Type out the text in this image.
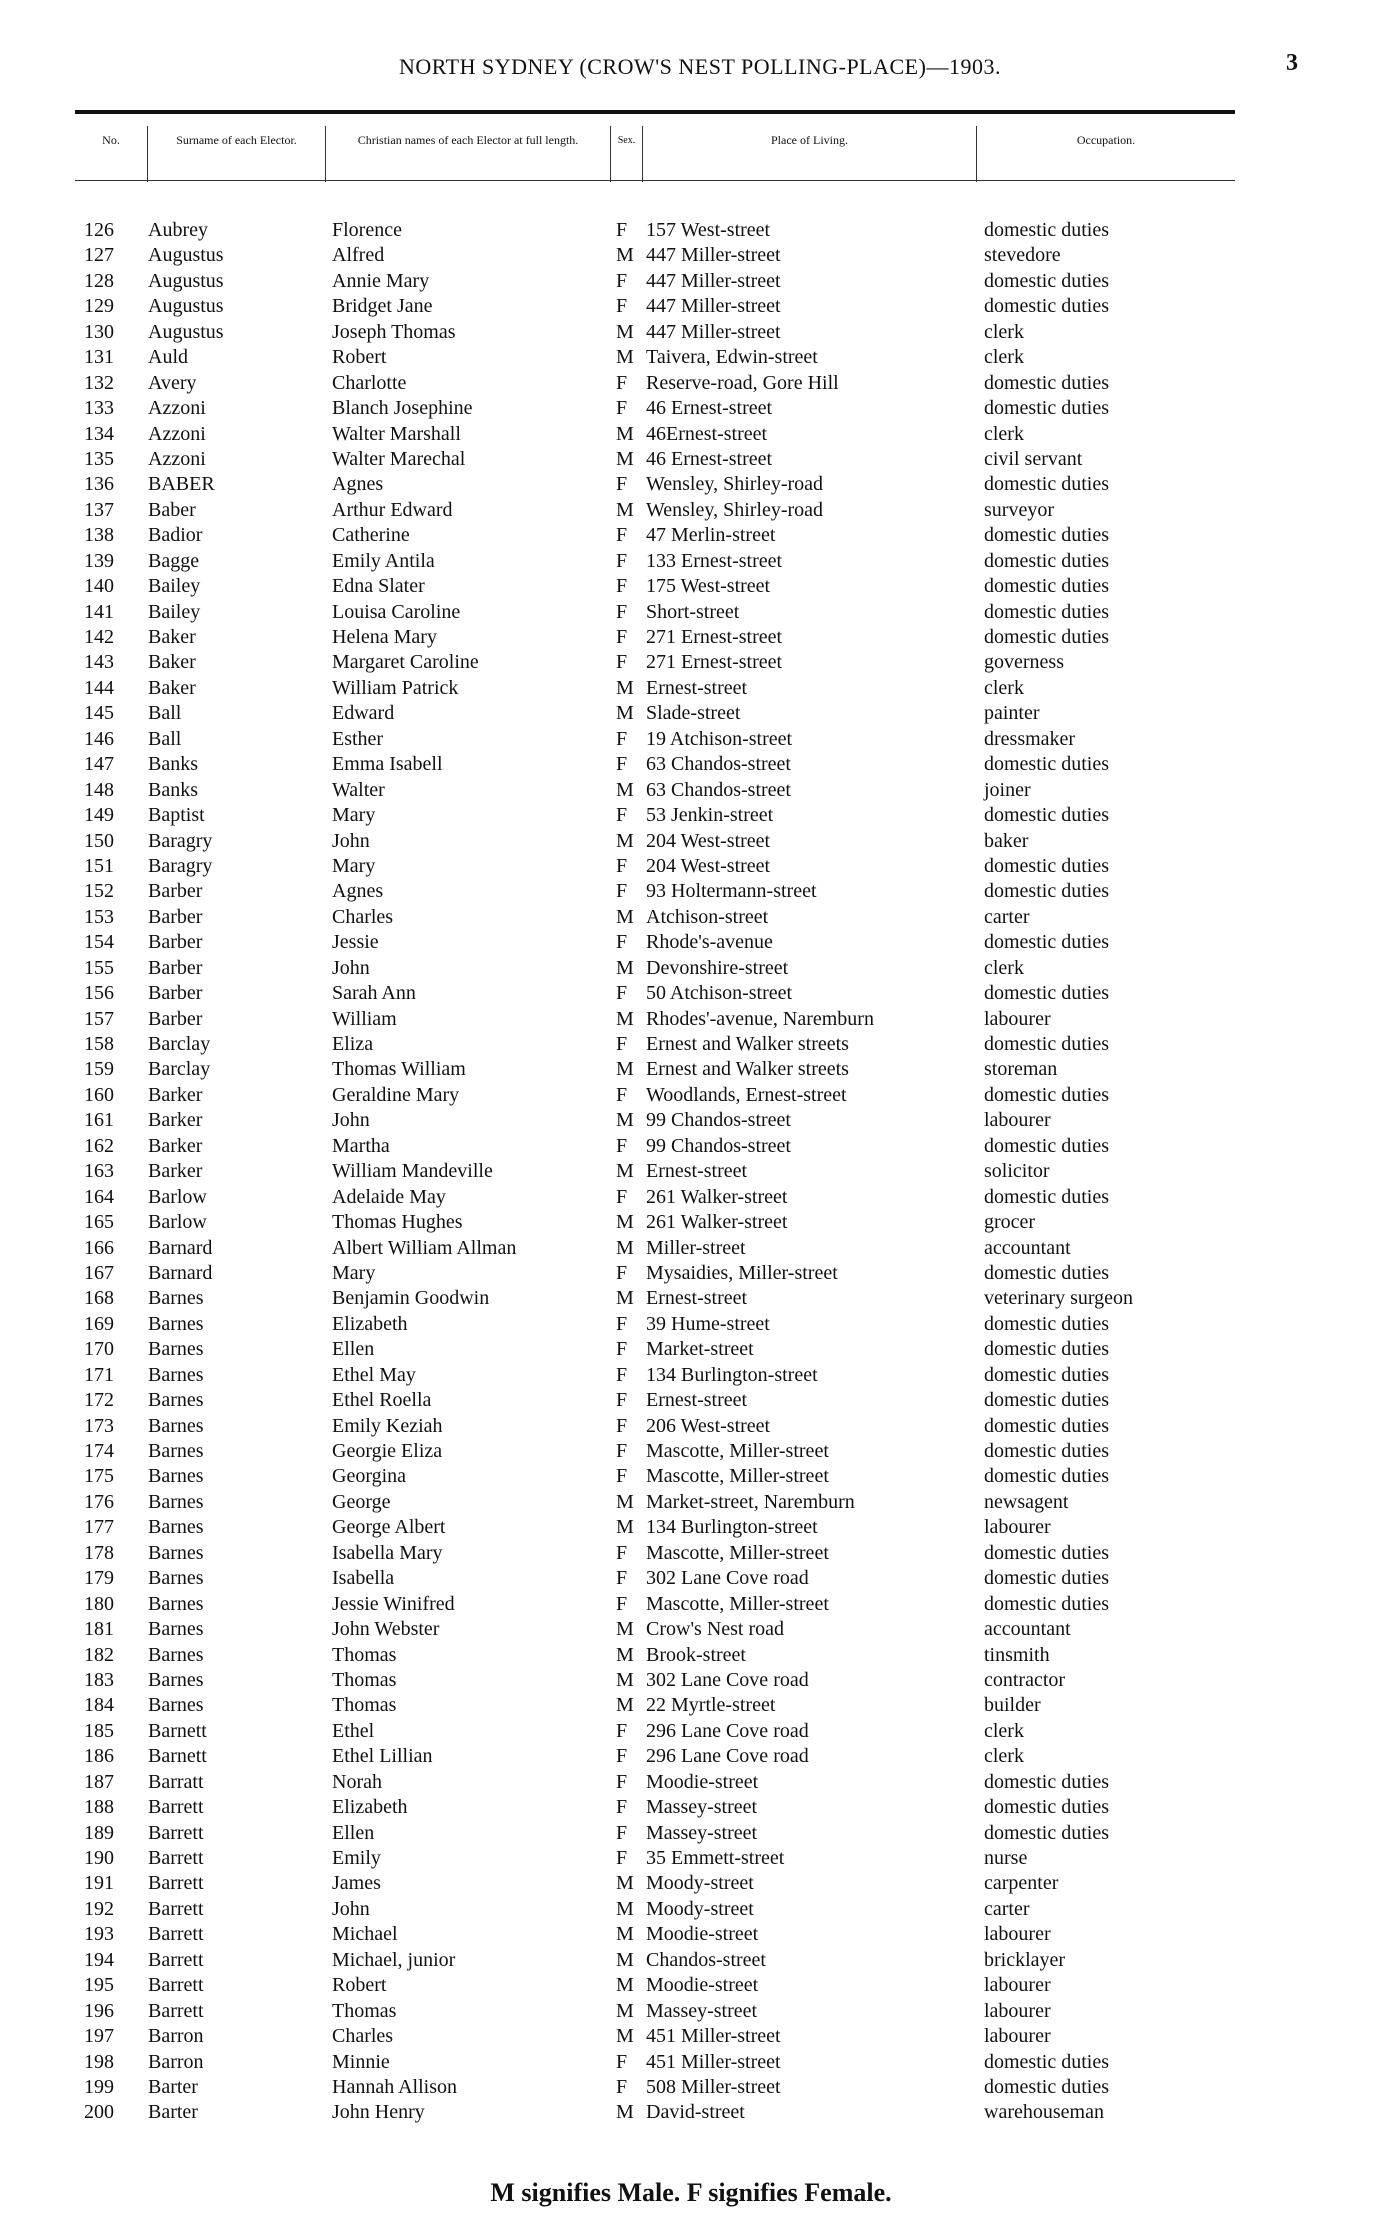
NORTH SYDNEY (CROW'S NEST POLLING-PLACE)—1903.	3
No.	Surname of each Elector.	Christian names of each Elector at full length.	Sex.	Place of Living.	Occupation.
126	Aubrey	Florence	F 157 West-street	domestic duties
127	Augustus	Alfred	M 447 Miller-street	stevedore
128	Augustus	Annie Mary	F 447 Miller-street	domestic duties
129	Augustus	Bridget Jane	F 447 Miller-street	domestic duties
130	Augustus	Joseph Thomas	M 447 Miller-street	clerk
131	Auld	Robert	M Taivera, Edwin-street	clerk
132	Avery	Charlotte	F Reserve-road, Gore Hill	domestic duties
133	Azzoni	Blanch Josephine	F 46 Ernest-street	domestic duties
134	Azzoni	Walter Marshall	M 46Ernest-street	clerk
135	Azzoni	Walter Marechal	M 46 Ernest-street	civil servant
136	BABER	Agnes	F Wensley, Shirley-road	domestic duties
137	Baber	Arthur Edward	M Wensley, Shirley-road	surveyor
138	Badior	Catherine	F 47 Merlin-street	domestic duties
139	Bagge	Emily Antila	F 133 Ernest-street	domestic duties
140	Bailey	Edna Slater	F 175 West-street	domestic duties
141	Bailey	Louisa Caroline	F Short-street	domestic duties
142	Baker	Helena Mary	F 271 Ernest-street	domestic duties
143	Baker	Margaret Caroline	F 271 Ernest-street	governess
144	Baker	William Patrick	M Ernest-street	clerk
145	Ball	Edward	M Slade-street	painter
146	Ball	Esther	F 19 Atchison-street	dressmaker
147	Banks	Emma Isabell	F 63 Chandos-street	domestic duties
148	Banks	Walter	M 63 Chandos-street	joiner
149	Baptist	Mary	F 53 Jenkin-street	domestic duties
150	Baragry	John	M 204 West-street	baker
151	Baragry	Mary	F 204 West-street	domestic duties
152	Barber	Agnes	F 93 Holtermann-street	domestic duties
153	Barber	Charles	M Atchison-street	carter
154	Barber	Jessie	F Rhode's-avenue	domestic duties
155	Barber	John	M Devonshire-street	clerk
156	Barber	Sarah Ann	F 50 Atchison-street	domestic duties
157	Barber	William	M Rhodes'-avenue, Naremburn	labourer
158	Barclay	Eliza	F Ernest and Walker streets	domestic duties
159	Barclay	Thomas William	M Ernest and Walker streets	storeman
160	Barker	Geraldine Mary	F Woodlands, Ernest-street	domestic duties
161	Barker	John	M 99 Chandos-street	labourer
162	Barker	Martha	F 99 Chandos-street	domestic duties
163	Barker	William Mandeville	M Ernest-street	solicitor
164	Barlow	Adelaide May	F 261 Walker-street	domestic duties
165	Barlow	Thomas Hughes	M 261 Walker-street	grocer
166	Barnard	Albert William Allman	M Miller-street	accountant
167	Barnard	Mary	F Mysaidies, Miller-street	domestic duties
168	Barnes	Benjamin Goodwin	M Ernest-street	veterinary surgeon
169	Barnes	Elizabeth	F 39 Hume-street	domestic duties
170	Barnes	Ellen	F Market-street	domestic duties
171	Barnes	Ethel May	F 134 Burlington-street	domestic duties
172	Barnes	Ethel Roella	F Ernest-street	domestic duties
173	Barnes	Emily Keziah	F 206 West-street	domestic duties
174	Barnes	Georgie Eliza	F Mascotte, Miller-street	domestic duties
175	Barnes	Georgina	F Mascotte, Miller-street	domestic duties
176	Barnes	George	M Market-street, Naremburn	newsagent
177	Barnes	George Albert	M 134 Burlington-street	labourer
178	Barnes	Isabella Mary	F Mascotte, Miller-street	domestic duties
179	Barnes	Isabella	F 302 Lane Cove road	domestic duties
180	Barnes	Jessie Winifred	F Mascotte, Miller-street	domestic duties
181	Barnes	John Webster	M Crow's Nest road	accountant
182	Barnes	Thomas	M Brook-street	tinsmith
183	Barnes	Thomas	M 302 Lane Cove road	contractor
184	Barnes	Thomas	M 22 Myrtle-street	builder
185	Barnett	Ethel	F 296 Lane Cove road	clerk
186	Barnett	Ethel Lillian	F 296 Lane Cove road	clerk
187	Barratt	Norah	F Moodie-street	domestic duties
188	Barrett	Elizabeth	F Massey-street	domestic duties
189	Barrett	Ellen	F Massey-street	domestic duties
190	Barrett	Emily	F 35 Emmett-street	nurse
191	Barrett	James	M Moody-street	carpenter
192	Barrett	John	M Moody-street	carter
193	Barrett	Michael	M Moodie-street	labourer
194	Barrett	Michael, junior	M Chandos-street	bricklayer
195	Barrett	Robert	M Moodie-street	labourer
196	Barrett	Thomas	M Massey-street	labourer
197	Barron	Charles	M 451 Miller-street	labourer
198	Barron	Minnie	F 451 Miller-street	domestic duties
199	Barter	Hannah Allison	F 508 Miller-street	domestic duties
200	Barter	John Henry	M David-street	warehouseman
M signifies Male. F signifies Female.
